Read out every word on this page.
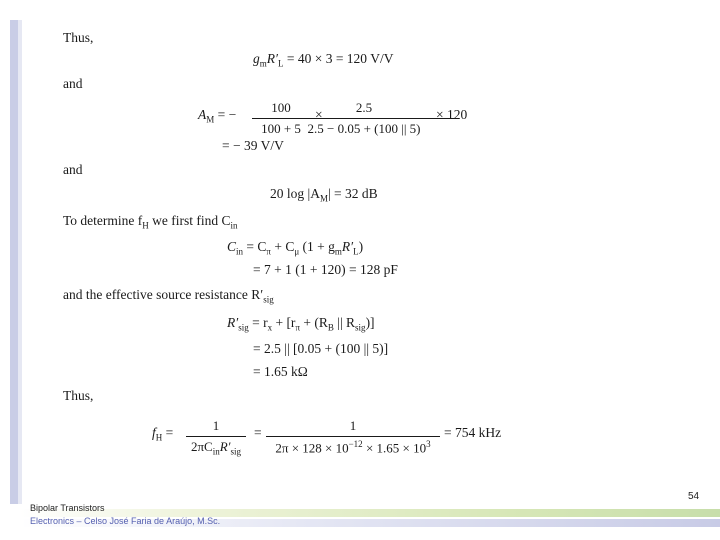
Thus,
$g_mR'_L = 40 \times 3 = 120$ V/V
and
$A_M$ = −	100
100 + 5
×	2.5
2.5 − 0.05 + (100 || 5)
× 120
= − 39 V/V
and
20 $\log |A_M| = 32$ dB
To determine $f_H$ we first find $C_{in}$
$C_{in} = C_\pi + C_\mu$ $(1 + g_mR'_L)$
= 7 + 1 (1 + 120) = 128 pF
and the effective source resistance $R'_{sig}$
$R'_{sig} = r_x + [r_\pi + (R_B$ || $R_{sig}$)]
= 2.5 || [0.05 + (100 || 5)]
= 1.65 kΩ
Thus,
$f_H$ =	1
$2\pi C_{in}R'_{sig}$
=	1
$2\pi \times 128 \times 10^{-12} \times 1.65 \times 10^3$
= 754 kHz
54
Bipolar Transistors
Electronics – Celso José Faria de Araújo, M.Sc.
